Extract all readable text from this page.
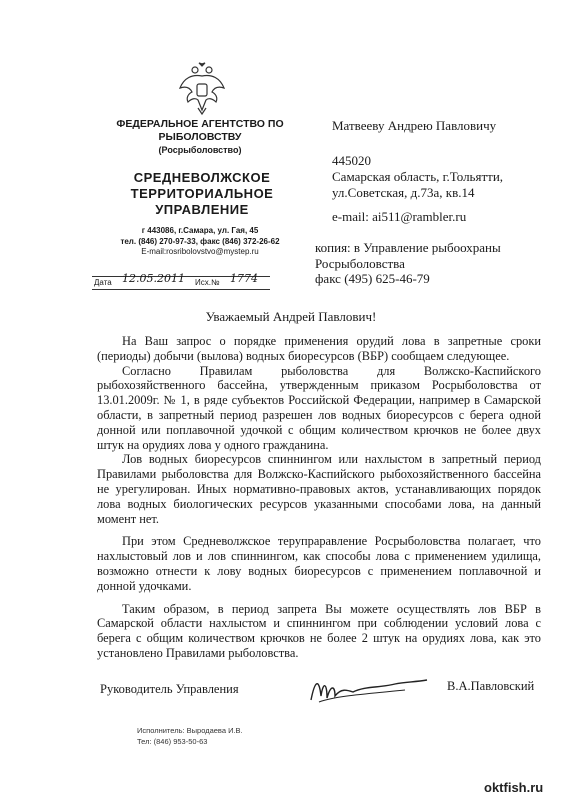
ФЕДЕРАЛЬНОЕ АГЕНТСТВО ПО
РЫБОЛОВСТВУ
(Росрыболовство)
СРЕДНЕВОЛЖСКОЕ
ТЕРРИТОРИАЛЬНОЕ
УПРАВЛЕНИЕ
г 443086, г.Самара, ул. Гая, 45
тел. (846) 270-97-33, факс (846) 372-26-62
E-mail:rosribolovstvo@mystep.ru
Дата 12.05.2011 Исх.№ 1774
Матвееву Андрею Павловичу
445020
Самарская область, г.Тольятти,
ул.Советская, д.73а, кв.14
e-mail: ai511@rambler.ru
копия: в Управление рыбоохраны
Росрыболовства
факс (495) 625-46-79
Уважаемый Андрей Павлович!

На Ваш запрос о порядке применения орудий лова в запретные сроки (периоды) добычи (вылова) водных биоресурсов (ВБР) сообщаем следующее.

Согласно Правилам рыболовства для Волжско-Каспийского рыбохозяйственного бассейна, утвержденным приказом Росрыболовства от 13.01.2009г. № 1, в ряде субъектов Российской Федерации, например в Самарской области, в запретный период разрешен лов водных биоресурсов с берега одной донной или поплавочной удочкой с общим количеством крючков не более двух штук на орудиях лова у одного гражданина.

Лов водных биоресурсов спиннингом или нахлыстом в запретный период Правилами рыболовства для Волжско-Каспийского рыбохозяйственного бассейна не урегулирован. Иных нормативно-правовых актов, устанавливающих порядок лова водных биологических ресурсов указанными способами лова, на данный момент нет.

При этом Средневолжское терупраравление Росрыболовства полагает, что нахлыстовый лов и лов спиннингом, как способы лова с применением удилища, возможно отнести к лову водных биоресурсов с применением поплавочной и донной удочками.

Таким образом, в период запрета Вы можете осуществлять лов ВБР в Самарской области нахлыстом и спиннингом при соблюдении условий лова с берега с общим количеством крючков не более 2 штук на орудиях лова, как это установлено Правилами рыболовства.

Руководитель Управления	В.А.Павловский
Исполнитель: Выродаева И.В.
Тел: (846) 953-50-63
oktfish.ru
